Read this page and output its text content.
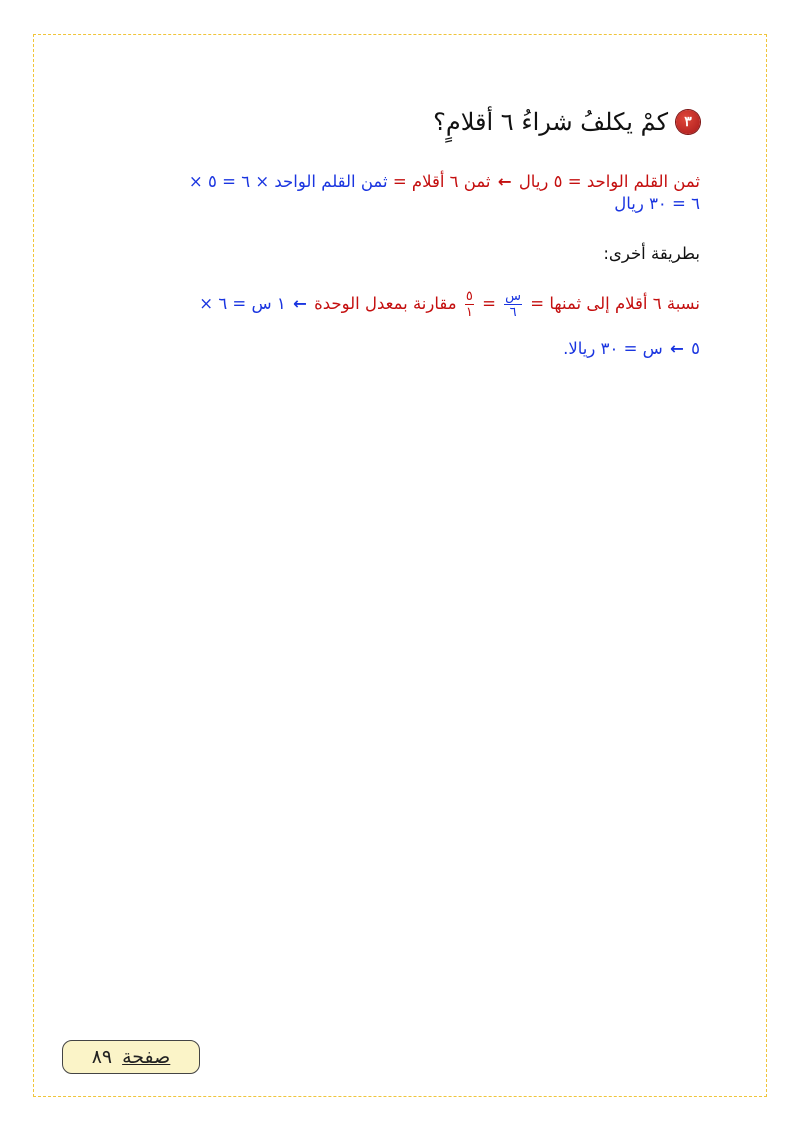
٣
كمْ يكلفُ شراءُ ٦ أقلامٍ؟
ثمن القلم الواحد = ٥ ريال ← ثمن ٦ أقلام = ثمن القلم الواحد × ٦ = ٥ ×
٦ = ٣٠ ريال
بطريقة أخرى:
نسبة ٦ أقلام إلى ثمنها =
$\frac{\text{س}}{٦}$
=
$\frac{٥}{١}$
مقارنة بمعدل الوحدة ← ١ س = ٦ ×
٥ ← س = ٣٠ ريالا.
صفحة
٨٩
